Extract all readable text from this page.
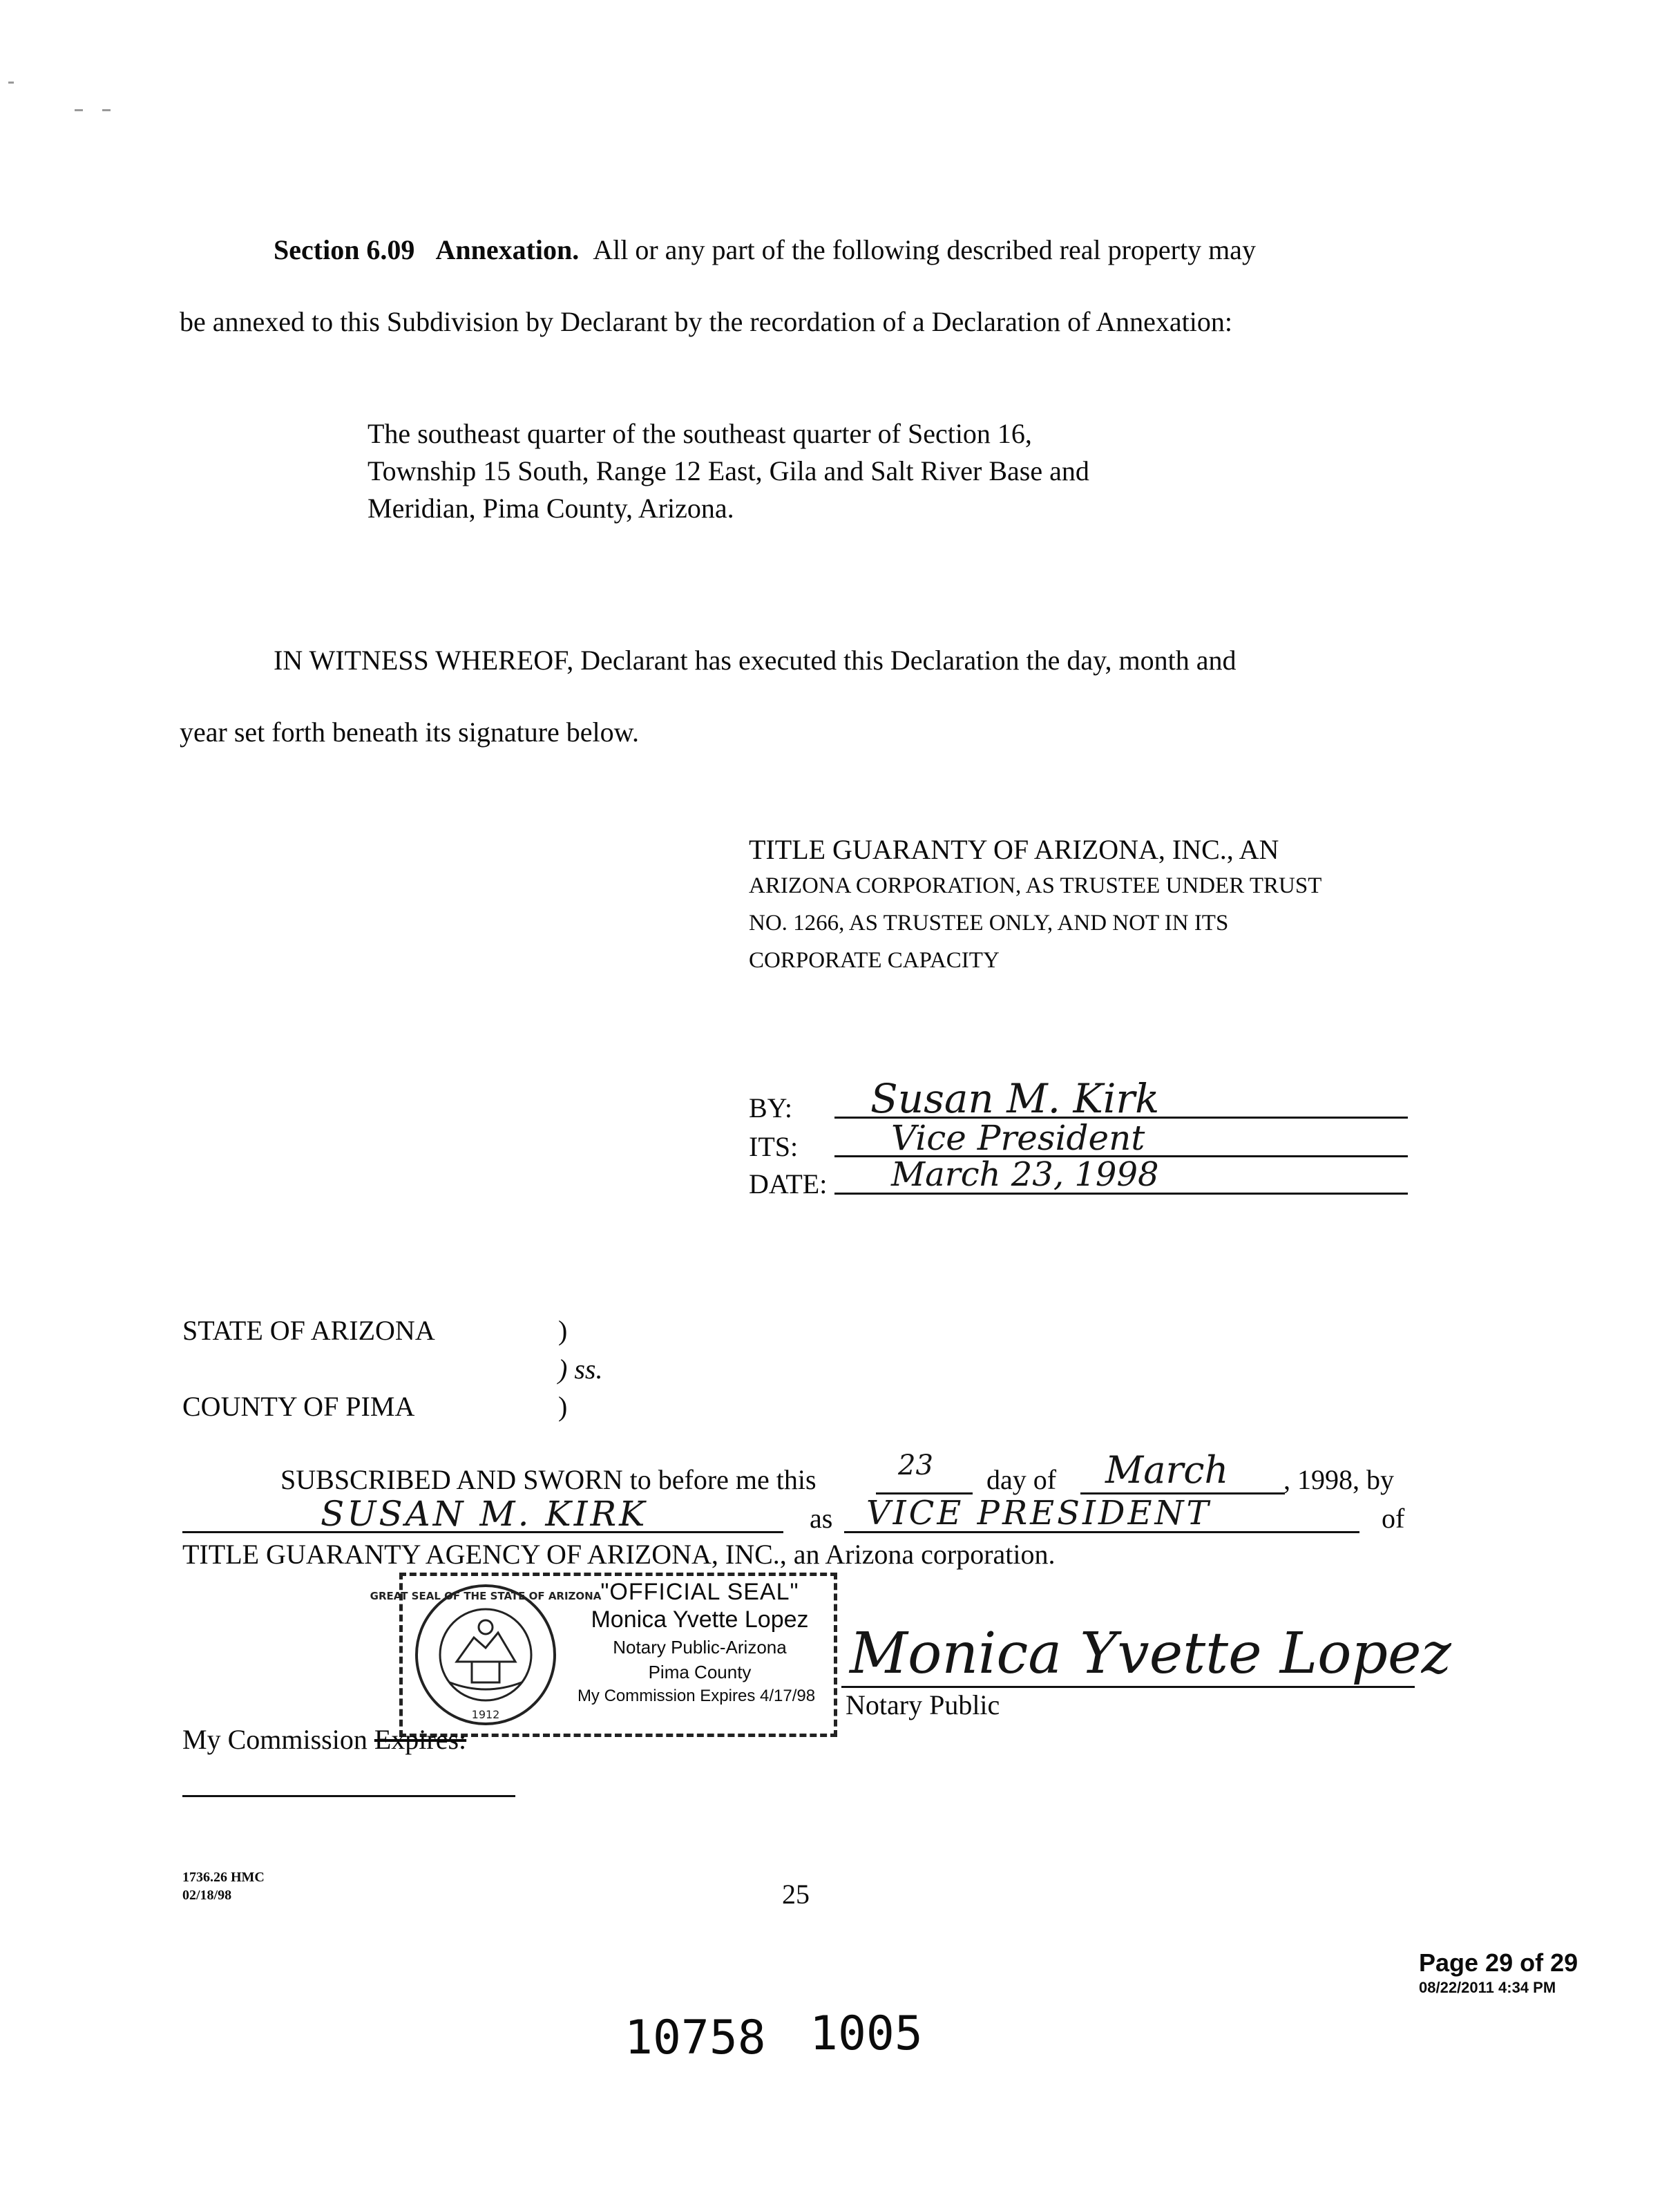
Section 6.09 Annexation. All or any part of the following described real property may
be annexed to this Subdivision by Declarant by the recordation of a Declaration of Annexation:
The southeast quarter of the southeast quarter of Section 16,
Township 15 South, Range 12 East, Gila and Salt River Base and
Meridian, Pima County, Arizona.
IN WITNESS WHEREOF, Declarant has executed this Declaration the day, month and
year set forth beneath its signature below.
TITLE GUARANTY OF ARIZONA, INC., AN
ARIZONA CORPORATION, AS TRUSTEE UNDER TRUST
NO. 1266, AS TRUSTEE ONLY, AND NOT IN ITS
CORPORATE CAPACITY
BY: Susan M. Kirk
ITS:	Vice President
DATE: March 23, 1998
STATE OF ARIZONA	)
) ss.
COUNTY OF PIMA	)
SUBSCRIBED AND SWORN to before me this	23 day of March , 1998, by
SUSAN M. KIRK	as VICE PRESIDENT	of
TITLE GUARANTY AGENCY OF ARIZONA, INC., an Arizona corporation.
GREAT SEAL OF THE STATE OF ARIZONA
1912
"OFFICIAL SEAL"
Monica Yvette Lopez
Notary Public-Arizona
Pima County
My Commission Expires 4/17/98
Monica Yvette Lopez
Notary Public
My Commission Expires:
1736.26 HMC
02/18/98	25
Page 29 of 29
08/22/2011 4:34 PM
10758 1005
